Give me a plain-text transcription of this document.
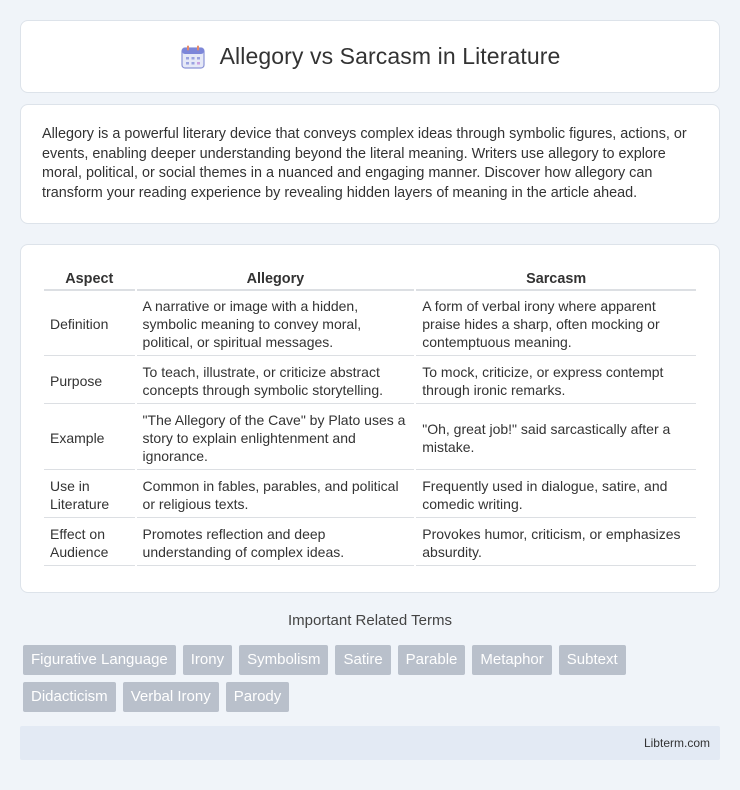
Allegory vs Sarcasm in Literature

Allegory is a powerful literary device that conveys complex ideas through symbolic figures, actions, or events, enabling deeper understanding beyond the literal meaning. Writers use allegory to explore moral, political, or social themes in a nuanced and engaging manner. Discover how allegory can transform your reading experience by revealing hidden layers of meaning in the article ahead.

Aspect	Allegory	Sarcasm
Definition	A narrative or image with a hidden, symbolic meaning to convey moral, political, or spiritual messages.	A form of verbal irony where apparent praise hides a sharp, often mocking or contemptuous meaning.
Purpose	To teach, illustrate, or criticize abstract concepts through symbolic storytelling.	To mock, criticize, or express contempt through ironic remarks.
Example	"The Allegory of the Cave" by Plato uses a story to explain enlightenment and ignorance.	"Oh, great job!" said sarcastically after a mistake.
Use in Literature	Common in fables, parables, and political or religious texts.	Frequently used in dialogue, satire, and comedic writing.
Effect on Audience	Promotes reflection and deep understanding of complex ideas.	Provokes humor, criticism, or emphasizes absurdity.
Important Related Terms
Figurative Language	Irony	Symbolism	Satire	Parable	Metaphor	Subtext
Didacticism	Verbal Irony	Parody
Libterm.com
